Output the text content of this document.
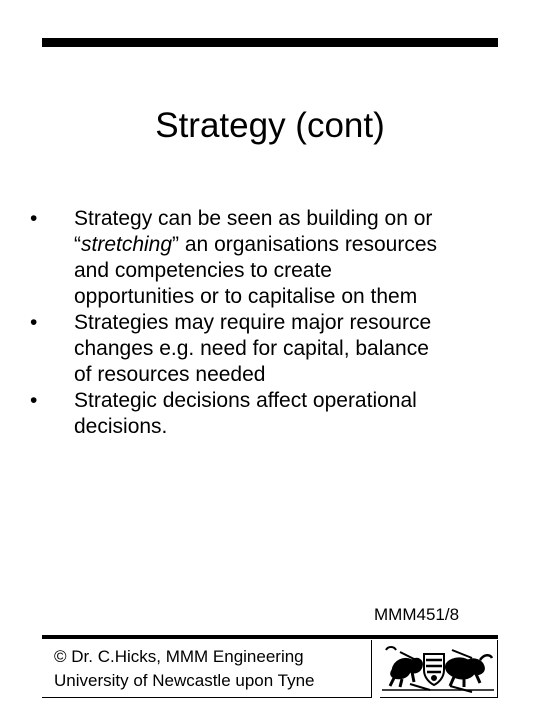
Strategy (cont)
•	Strategy can be seen as building on or
“stretching” an organisations resources
and competencies to create
opportunities or to capitalise on them
•	Strategies may require major resource
changes e.g. need for capital, balance
of resources needed
•	Strategic decisions affect operational
decisions.
MMM451/8
© Dr. C.Hicks, MMM Engineering
University of Newcastle upon Tyne
